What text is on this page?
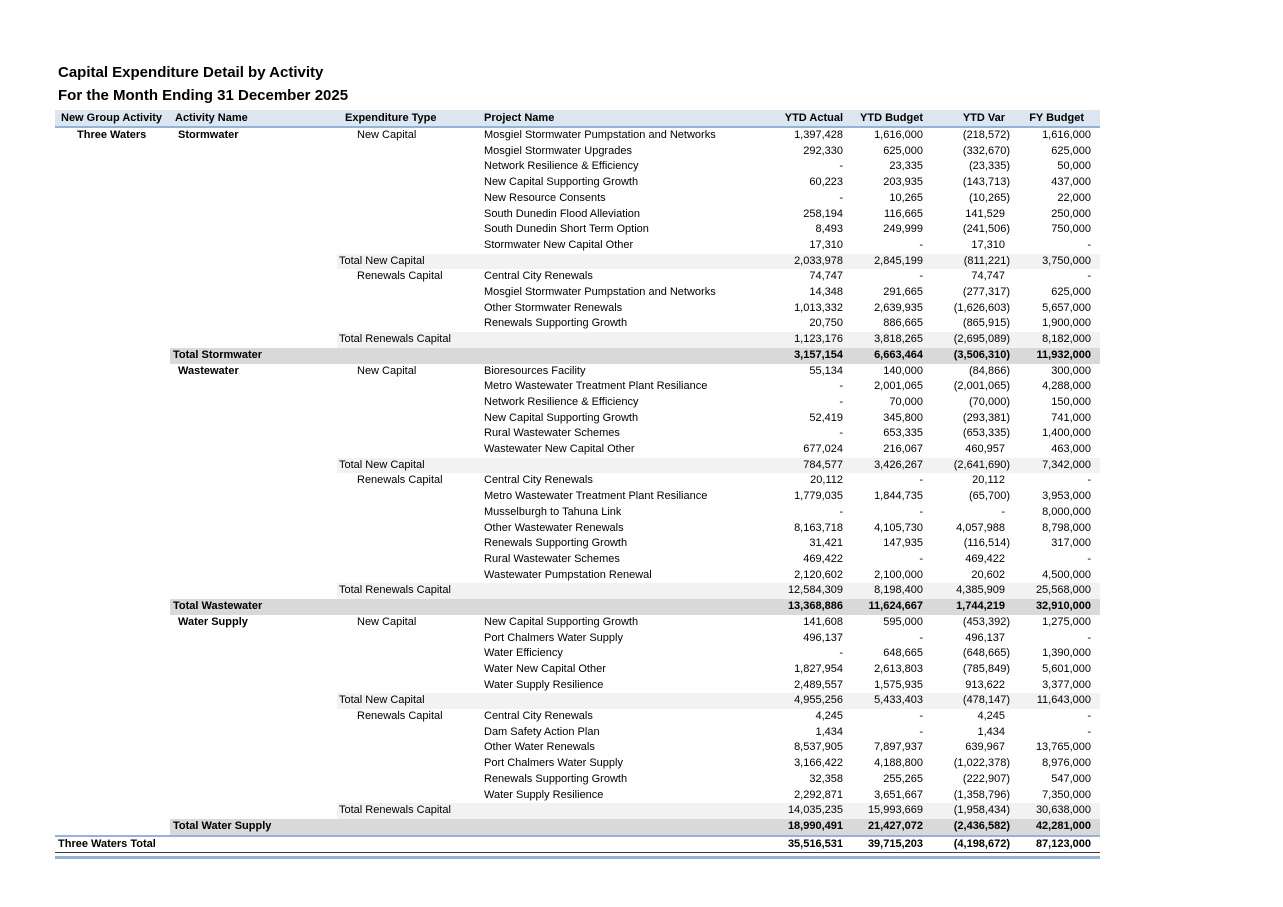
Capital Expenditure Detail by Activity
For the Month Ending 31 December 2025
New Group Activity	Activity Name	Expenditure Type	Project Name	YTD Actual	YTD Budget	YTD Var	FY Budget
Three Waters	Stormwater	New Capital	Mosgiel Stormwater Pumpstation and Networks	1,397,428	1,616,000	(218,572)	1,616,000
			Mosgiel Stormwater Upgrades	292,330	625,000	(332,670)	625,000
			Network Resilience & Efficiency	-	23,335	(23,335)	50,000
			New Capital Supporting Growth	60,223	203,935	(143,713)	437,000
			New Resource Consents	-	10,265	(10,265)	22,000
			South Dunedin Flood Alleviation	258,194	116,665	141,529	250,000
			South Dunedin Short Term Option	8,493	249,999	(241,506)	750,000
			Stormwater New Capital Other	17,310	-	17,310	-
		Total New Capital		2,033,978	2,845,199	(811,221)	3,750,000
		Renewals Capital	Central City Renewals	74,747	-	74,747	-
			Mosgiel Stormwater Pumpstation and Networks	14,348	291,665	(277,317)	625,000
			Other Stormwater Renewals	1,013,332	2,639,935	(1,626,603)	5,657,000
			Renewals Supporting Growth	20,750	886,665	(865,915)	1,900,000
		Total Renewals Capital		1,123,176	3,818,265	(2,695,089)	8,182,000
	Total Stormwater			3,157,154	6,663,464	(3,506,310)	11,932,000
	Wastewater	New Capital	Bioresources Facility	55,134	140,000	(84,866)	300,000
			Metro Wastewater Treatment Plant Resiliance	-	2,001,065	(2,001,065)	4,288,000
			Network Resilience & Efficiency	-	70,000	(70,000)	150,000
			New Capital Supporting Growth	52,419	345,800	(293,381)	741,000
			Rural Wastewater Schemes	-	653,335	(653,335)	1,400,000
			Wastewater New Capital Other	677,024	216,067	460,957	463,000
		Total New Capital		784,577	3,426,267	(2,641,690)	7,342,000
		Renewals Capital	Central City Renewals	20,112	-	20,112	-
			Metro Wastewater Treatment Plant Resiliance	1,779,035	1,844,735	(65,700)	3,953,000
			Musselburgh to Tahuna Link	-	-	-	8,000,000
			Other Wastewater Renewals	8,163,718	4,105,730	4,057,988	8,798,000
			Renewals Supporting Growth	31,421	147,935	(116,514)	317,000
			Rural Wastewater Schemes	469,422	-	469,422	-
			Wastewater Pumpstation Renewal	2,120,602	2,100,000	20,602	4,500,000
		Total Renewals Capital		12,584,309	8,198,400	4,385,909	25,568,000
	Total Wastewater			13,368,886	11,624,667	1,744,219	32,910,000
	Water Supply	New Capital	New Capital Supporting Growth	141,608	595,000	(453,392)	1,275,000
			Port Chalmers Water Supply	496,137	-	496,137	-
			Water Efficiency	-	648,665	(648,665)	1,390,000
			Water New Capital Other	1,827,954	2,613,803	(785,849)	5,601,000
			Water Supply Resilience	2,489,557	1,575,935	913,622	3,377,000
		Total New Capital		4,955,256	5,433,403	(478,147)	11,643,000
		Renewals Capital	Central City Renewals	4,245	-	4,245	-
			Dam Safety Action Plan	1,434	-	1,434	-
			Other Water Renewals	8,537,905	7,897,937	639,967	13,765,000
			Port Chalmers Water Supply	3,166,422	4,188,800	(1,022,378)	8,976,000
			Renewals Supporting Growth	32,358	255,265	(222,907)	547,000
			Water Supply Resilience	2,292,871	3,651,667	(1,358,796)	7,350,000
		Total Renewals Capital		14,035,235	15,993,669	(1,958,434)	30,638,000
	Total Water Supply			18,990,491	21,427,072	(2,436,582)	42,281,000
Three Waters Total				35,516,531	39,715,203	(4,198,672)	87,123,000
